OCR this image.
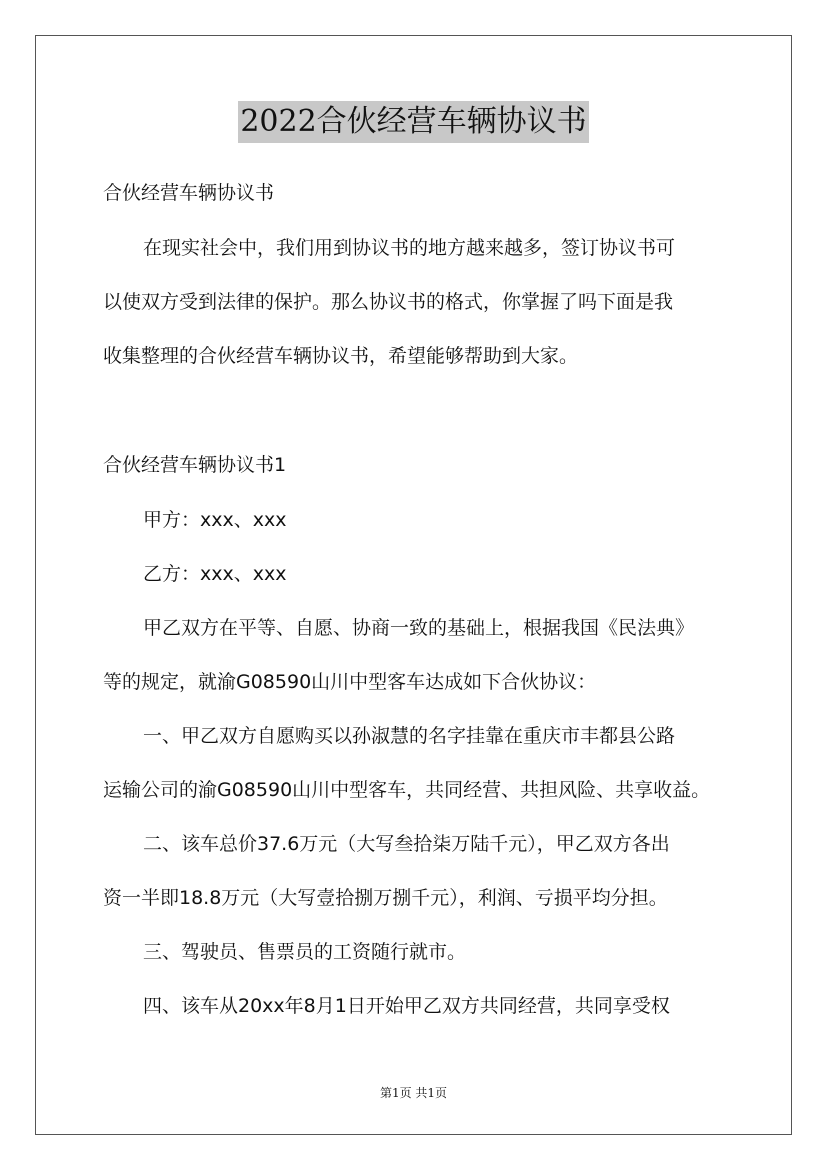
2022合伙经营车辆协议书
合伙经营车辆协议书
在现实社会中，我们用到协议书的地方越来越多，签订协议书可
以使双方受到法律的保护。那么协议书的格式，你掌握了吗下面是我
收集整理的合伙经营车辆协议书，希望能够帮助到大家。
合伙经营车辆协议书1
甲方：xxx、xxx
乙方：xxx、xxx
甲乙双方在平等、自愿、协商一致的基础上，根据我国《民法典》
等的规定，就渝G08590山川中型客车达成如下合伙协议：
一、甲乙双方自愿购买以孙淑慧的名字挂靠在重庆市丰都县公路
运输公司的渝G08590山川中型客车，共同经营、共担风险、共享收益。
二、该车总价37.6万元（大写叁拾柒万陆千元），甲乙双方各出
资一半即18.8万元（大写壹拾捌万捌千元），利润、亏损平均分担。
三、驾驶员、售票员的工资随行就市。
四、该车从20xx年8月1日开始甲乙双方共同经营，共同享受权
第1页 共1页
